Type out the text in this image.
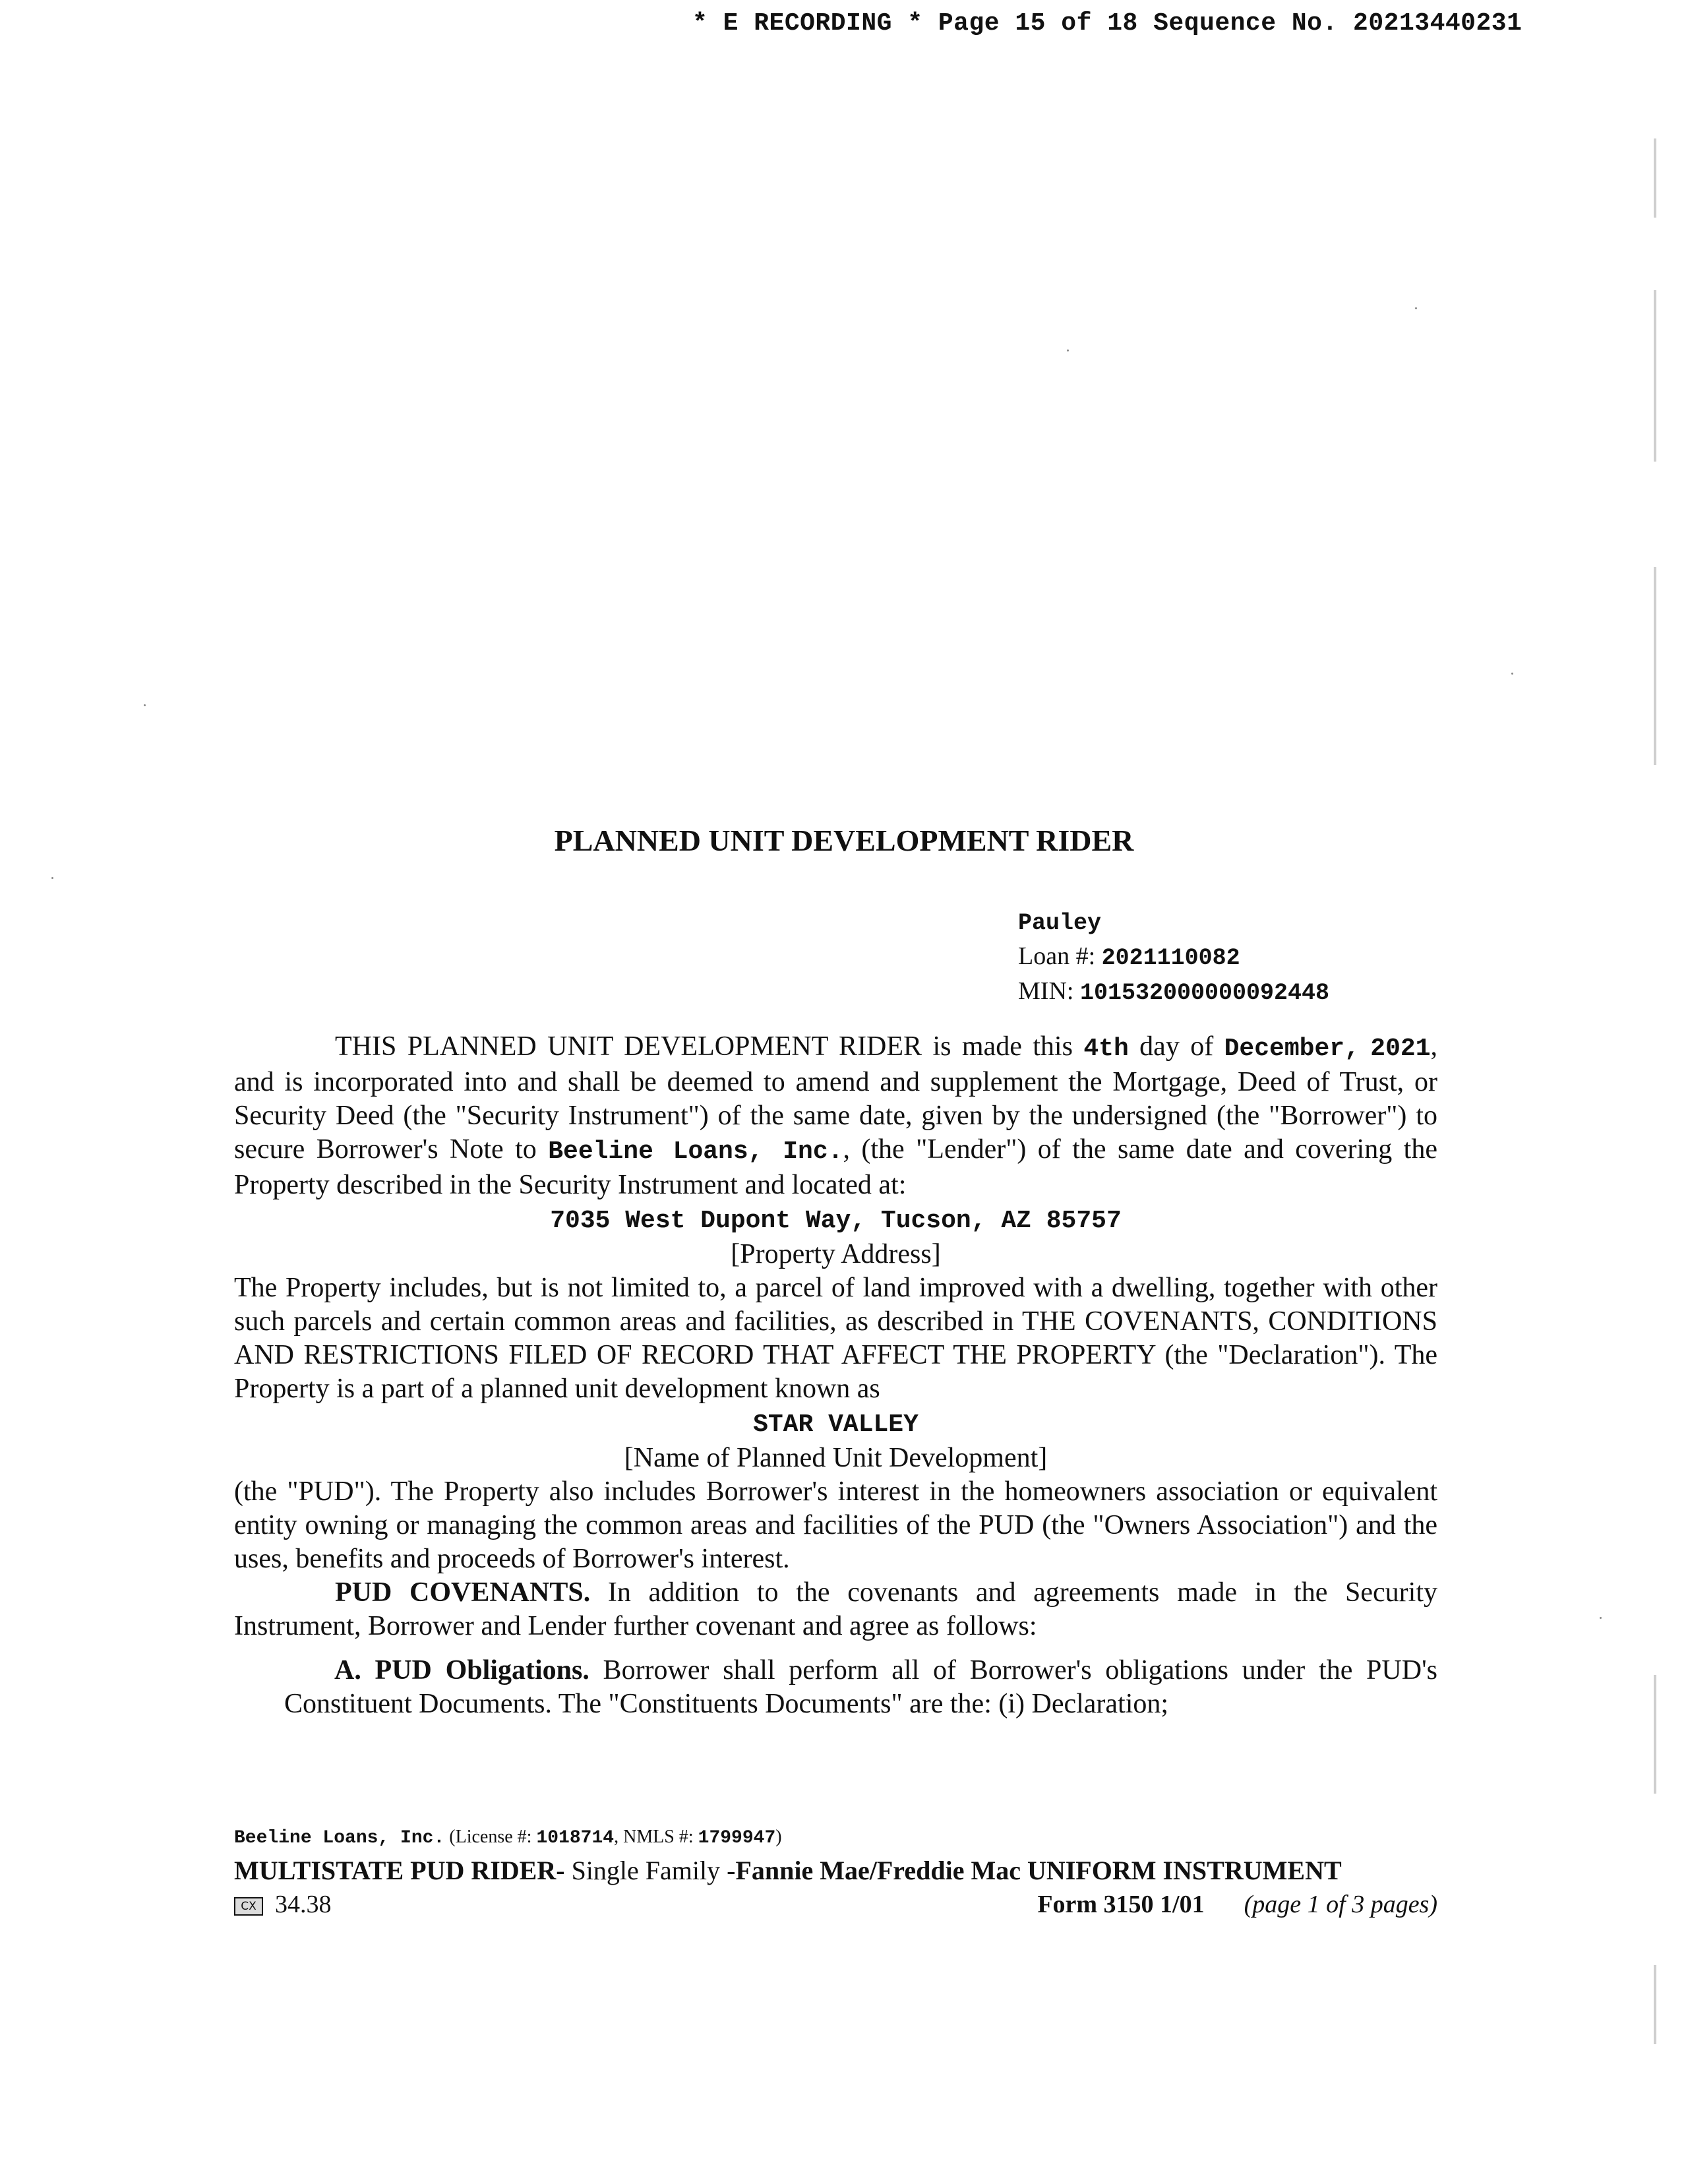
* E RECORDING * Page 15 of 18 Sequence No. 20213440231
PLANNED UNIT DEVELOPMENT RIDER
Pauley
Loan #: 2021110082
MIN: 101532000000092448

THIS PLANNED UNIT DEVELOPMENT RIDER is made this 4th day of December, 2021, and is incorporated into and shall be deemed to amend and supplement the Mortgage, Deed of Trust, or Security Deed (the "Security Instrument") of the same date, given by the undersigned (the "Borrower") to secure Borrower's Note to Beeline Loans, Inc., (the "Lender") of the same date and covering the Property described in the Security Instrument and located at:

7035 West Dupont Way, Tucson, AZ 85757

[Property Address]

The Property includes, but is not limited to, a parcel of land improved with a dwelling, together with other such parcels and certain common areas and facilities, as described in THE COVENANTS, CONDITIONS AND RESTRICTIONS FILED OF RECORD THAT AFFECT THE PROPERTY (the "Declaration"). The Property is a part of a planned unit development known as

STAR VALLEY

[Name of Planned Unit Development]

(the "PUD"). The Property also includes Borrower's interest in the homeowners association or equivalent entity owning or managing the common areas and facilities of the PUD (the "Owners Association") and the uses, benefits and proceeds of Borrower's interest.

PUD COVENANTS. In addition to the covenants and agreements made in the Security Instrument, Borrower and Lender further covenant and agree as follows:

A. PUD Obligations. Borrower shall perform all of Borrower's obligations under the PUD's Constituent Documents. The "Constituents Documents" are the: (i) Declaration;

Beeline Loans, Inc. (License #: 1018714, NMLS #: 1799947)
MULTISTATE PUD RIDER- Single Family -Fannie Mae/Freddie Mac UNIFORM INSTRUMENT
CX 34.38	Form 3150 1/01 (page 1 of 3 pages)
